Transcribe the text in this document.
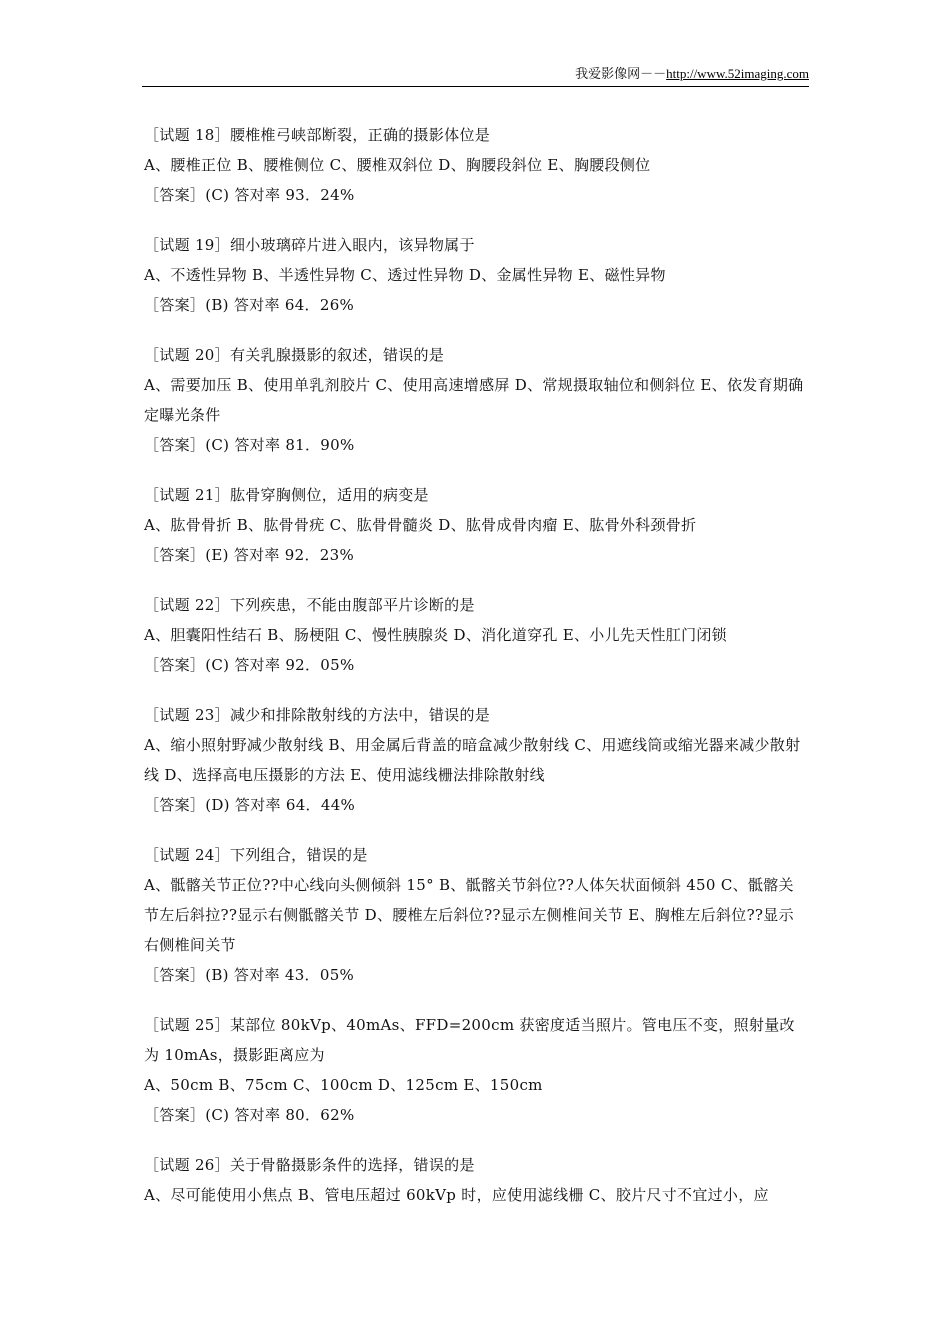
我爱影像网－－http://www.52imaging.com
［试题 18］腰椎椎弓峡部断裂，正确的摄影体位是
A、腰椎正位 B、腰椎侧位 C、腰椎双斜位 D、胸腰段斜位 E、胸腰段侧位
［答案］(C) 答对率 93．24%
［试题 19］细小玻璃碎片进入眼内，该异物属于
A、不透性异物 B、半透性异物 C、透过性异物 D、金属性异物 E、磁性异物
［答案］(B) 答对率 64．26%
［试题 20］有关乳腺摄影的叙述，错误的是
A、需要加压 B、使用单乳剂胶片 C、使用高速增感屏 D、常规摄取轴位和侧斜位 E、依发育期确定曝光条件
［答案］(C) 答对率 81．90%
［试题 21］肱骨穿胸侧位，适用的病变是
A、肱骨骨折 B、肱骨骨疣 C、肱骨骨髓炎 D、肱骨成骨肉瘤 E、肱骨外科颈骨折
［答案］(E) 答对率 92．23%
［试题 22］下列疾患，不能由腹部平片诊断的是
A、胆囊阳性结石 B、肠梗阻 C、慢性胰腺炎 D、消化道穿孔 E、小儿先天性肛门闭锁
［答案］(C) 答对率 92．05%
［试题 23］减少和排除散射线的方法中，错误的是
A、缩小照射野减少散射线 B、用金属后背盖的暗盒减少散射线 C、用遮线筒或缩光器来减少散射线 D、选择高电压摄影的方法 E、使用滤线栅法排除散射线
［答案］(D) 答对率 64．44%
［试题 24］下列组合，错误的是
A、骶髂关节正位??中心线向头侧倾斜 15° B、骶髂关节斜位??人体矢状面倾斜 450 C、骶髂关节左后斜拉??显示右侧骶髂关节 D、腰椎左后斜位??显示左侧椎间关节 E、胸椎左后斜位??显示右侧椎间关节
［答案］(B) 答对率 43．05%
［试题 25］某部位 80kVp、40mAs、FFD=200cm 获密度适当照片。管电压不变，照射量改为 10mAs，摄影距离应为
A、50cm B、75cm C、100cm D、125cm E、150cm
［答案］(C) 答对率 80．62%
［试题 26］关于骨骼摄影条件的选择，错误的是
A、尽可能使用小焦点 B、管电压超过 60kVp 时，应使用滤线栅 C、胶片尺寸不宜过小，应
